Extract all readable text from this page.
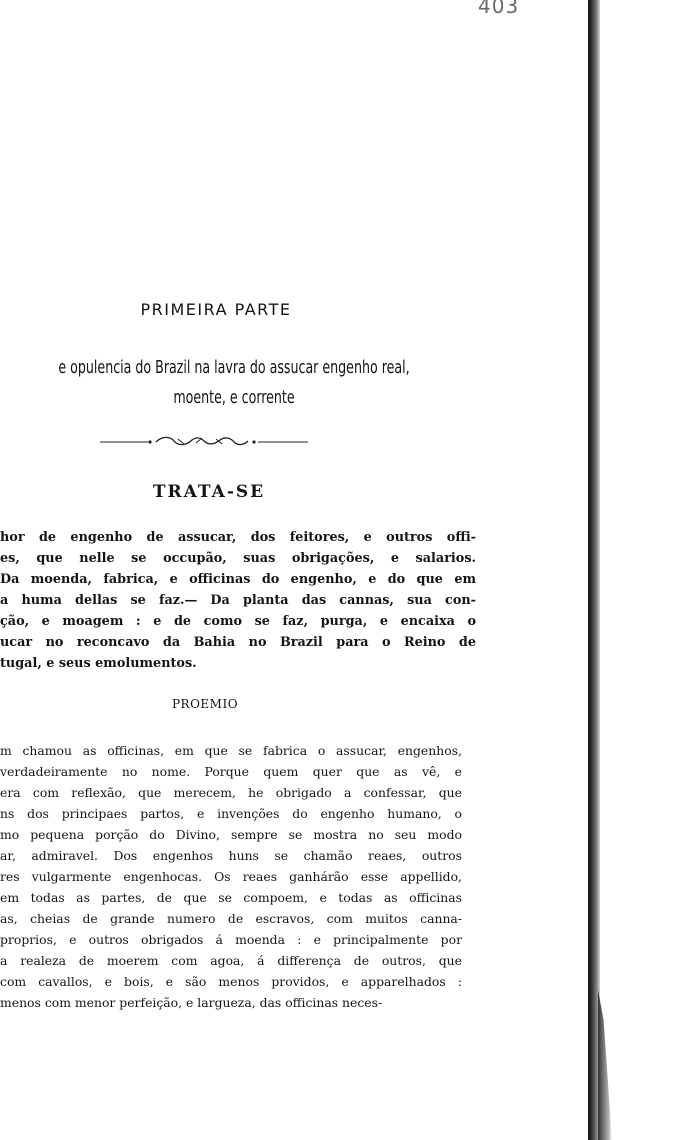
403
PRIMEIRA PARTE
e opulencia do Brazil na lavra do assucar engenho real,
moente, e corrente
TRATA-SE
hor de engenho de assucar, dos feitores, e outros offi-
es, que nelle se occupão, suas obrigações, e salarios.
Da moenda, fabrica, e officinas do engenho, e do que em
a huma dellas se faz.— Da planta das cannas, sua con-
ção, e moagem : e de como se faz, purga, e encaixa o
ucar no reconcavo da Bahia no Brazil para o Reino de
tugal, e seus emolumentos.
PROEMIO
m chamou as officinas, em que se fabrica o assucar, engenhos,
verdadeiramente no nome. Porque quem quer que as vê, e
era com reflexão, que merecem, he obrigado a confessar, que
ns dos principaes partos, e invenções do engenho humano, o
mo pequena porção do Divino, sempre se mostra no seu modo
ar, admiravel. Dos engenhos huns se chamão reaes, outros
res vulgarmente engenhocas. Os reaes ganhárão esse appellido,
em todas as partes, de que se compoem, e todas as officinas
as, cheias de grande numero de escravos, com muitos canna-
proprios, e outros obrigados á moenda : e principalmente por
a realeza de moerem com agoa, á differença de outros, que
com cavallos, e bois, e são menos providos, e apparelhados :
menos com menor perfeição, e largueza, das officinas neces-
